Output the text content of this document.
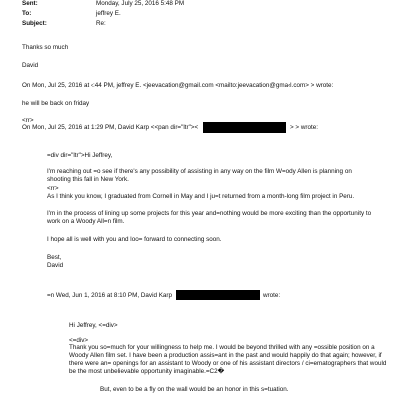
Sent:	Monday, July 25, 2016 5:48 PM
To:	jeffrey E.
Subject:	Re:
Thanks so much
David
On Mon, Jul 25, 2016 at ‹:44 PM, jeffrey E. <jeevacation@gmail.com <mailto:jeevacation@gma‹l.com> > wrote:
he will be back on friday
<rr>
On Mon, Jul 25, 2016 at 1:29 PM, David Karp <<pan dir="ltr"><	> > wrote:
=div dir="ltr">Hi Jeffrey,
I'm reaching out =o see if there's any possibility of assisting in any way on the film W=ody Allen is planning on shooting this fall in New York.
<rr>
As I think you know, I graduated from Cornell in May and I ju=t returned from a month-long film project in Peru.
I'm in the process of lining up some projects for this year and=nothing would be more exciting than the opportunity to work on a Woody All=n film.
I hope all is well with you and loo= forward to connecting soon.
Best,
David
=n Wed, Jun 1, 2016 at 8:10 PM, David Karp	wrote:
Hi Jeffrey, <=div>
<=div>
Thank you so=much for your willingness to help me. I would be beyond thrilled with any =ossible position on a Woody Allen film set. I have been a production assis=ant in the past and would happily do that again; however, if there were an= openings for an assistant to Woody or one of his assistant directors / ci=ematographers that would be the most unbelievable opportunity imaginable.=C2�
But, even to be a fly on the wall would be an honor in this s=tuation.
